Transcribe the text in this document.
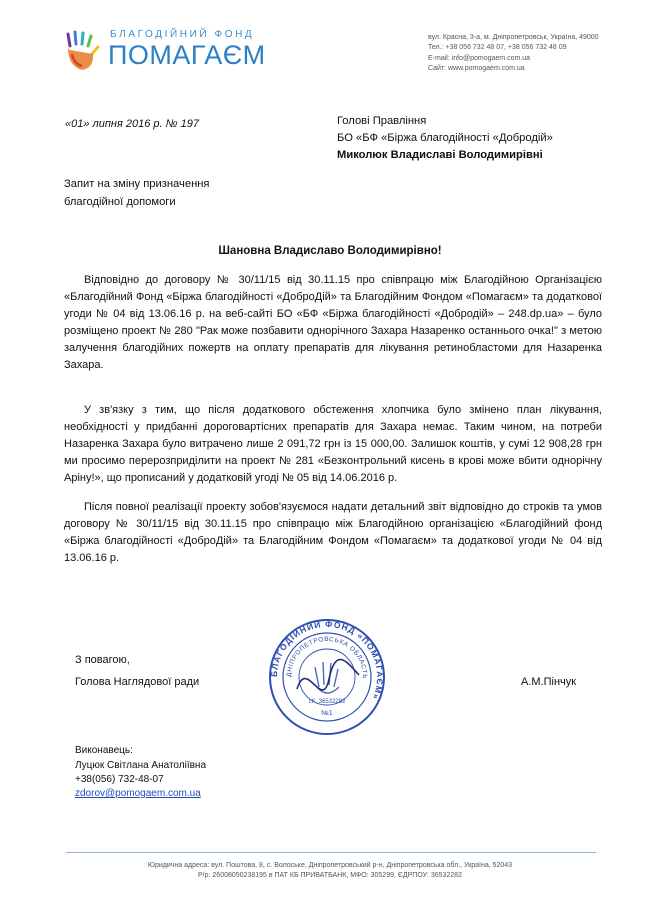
БЛАГОДІЙНИЙ ФОНД
ПОМАГАЄМ
вул. Красна, 3-а, м. Дніпропетровськ, Україна, 49000
Тел.: +38 056 732 48 07, +38 056 732 48 09
E-mail: info@pomogaem.com.ua
Сайт: www.pomogaem.com.ua
«01» липня 2016 р. № 197	Голові Правління
БО «БФ «Біржа благодійності «Добродій»
Миколюк Владиславі Володимирівні
Запит на зміну призначення
благодійної допомоги
Шановна Владиславо Володимирівно!
Відповідно до договору № 30/11/15 від 30.11.15 про співпрацю між Благодійною Організацією «Благодійний Фонд «Біржа благодійності «ДоброДій» та Благодійним Фондом «Помагаєм» та додаткової угоди № 04 від 13.06.16 р. на веб-сайті БО «БФ «Біржа благодійності «Добродій» – 248.dp.ua» – було розміщено проект № 280 "Рак може позбавити однорічного Захара Назаренко останнього очка!" з метою залучення благодійних пожертв на оплату препаратів для лікування ретинобластоми для Назаренка Захара.
У зв'язку з тим, що після додаткового обстеження хлопчика було змінено план лікування, необхідності у придбанні дороговартісних препаратів для Захара немає. Таким чином, на потреби Назаренка Захара було витрачено лише 2 091,72 грн із 15 000,00. Залишок коштів, у сумі 12 908,28 грн ми просимо перерозприділити на проект № 281 «Безконтрольний кисень в крові може вбити однорічну Аріну!», що прописаний у додатковій угоді № 05 від 14.06.2016 р.
Після повної реалізації проекту зобов'язуємося надати детальний звіт відповідно до строків та умов договору № 30/11/15 від 30.11.15 про співпрацю між Благодійною організацією «Благодійний фонд «Біржа благодійності «ДоброДій» та Благодійним Фондом «Помагаєм» та додаткової угоди № 04 від 13.06.16 р.
З повагою,
Голова Наглядової ради	А.М.Пінчук
БЛАГОДІЙНИЙ ФОНД «ПОМАГАЄМ»
ДНІПРОПЕТРОВСЬКА ОБЛАСТЬ
І.К. 36532282
№1
Виконавець:
Луцюк Світлана Анатоліївна
+38(056) 732-48-07
zdorov@pomogaem.com.ua
Юридична адреса: вул. Поштова, 8, с. Волоське, Дніпропетровський р-н, Дніпропетровська обл., Україна, 52043
Р/р: 26008050238195 в ПАТ КБ ПРИВАТБАНК, МФО: 305299, ЄДРПОУ: 36532282
